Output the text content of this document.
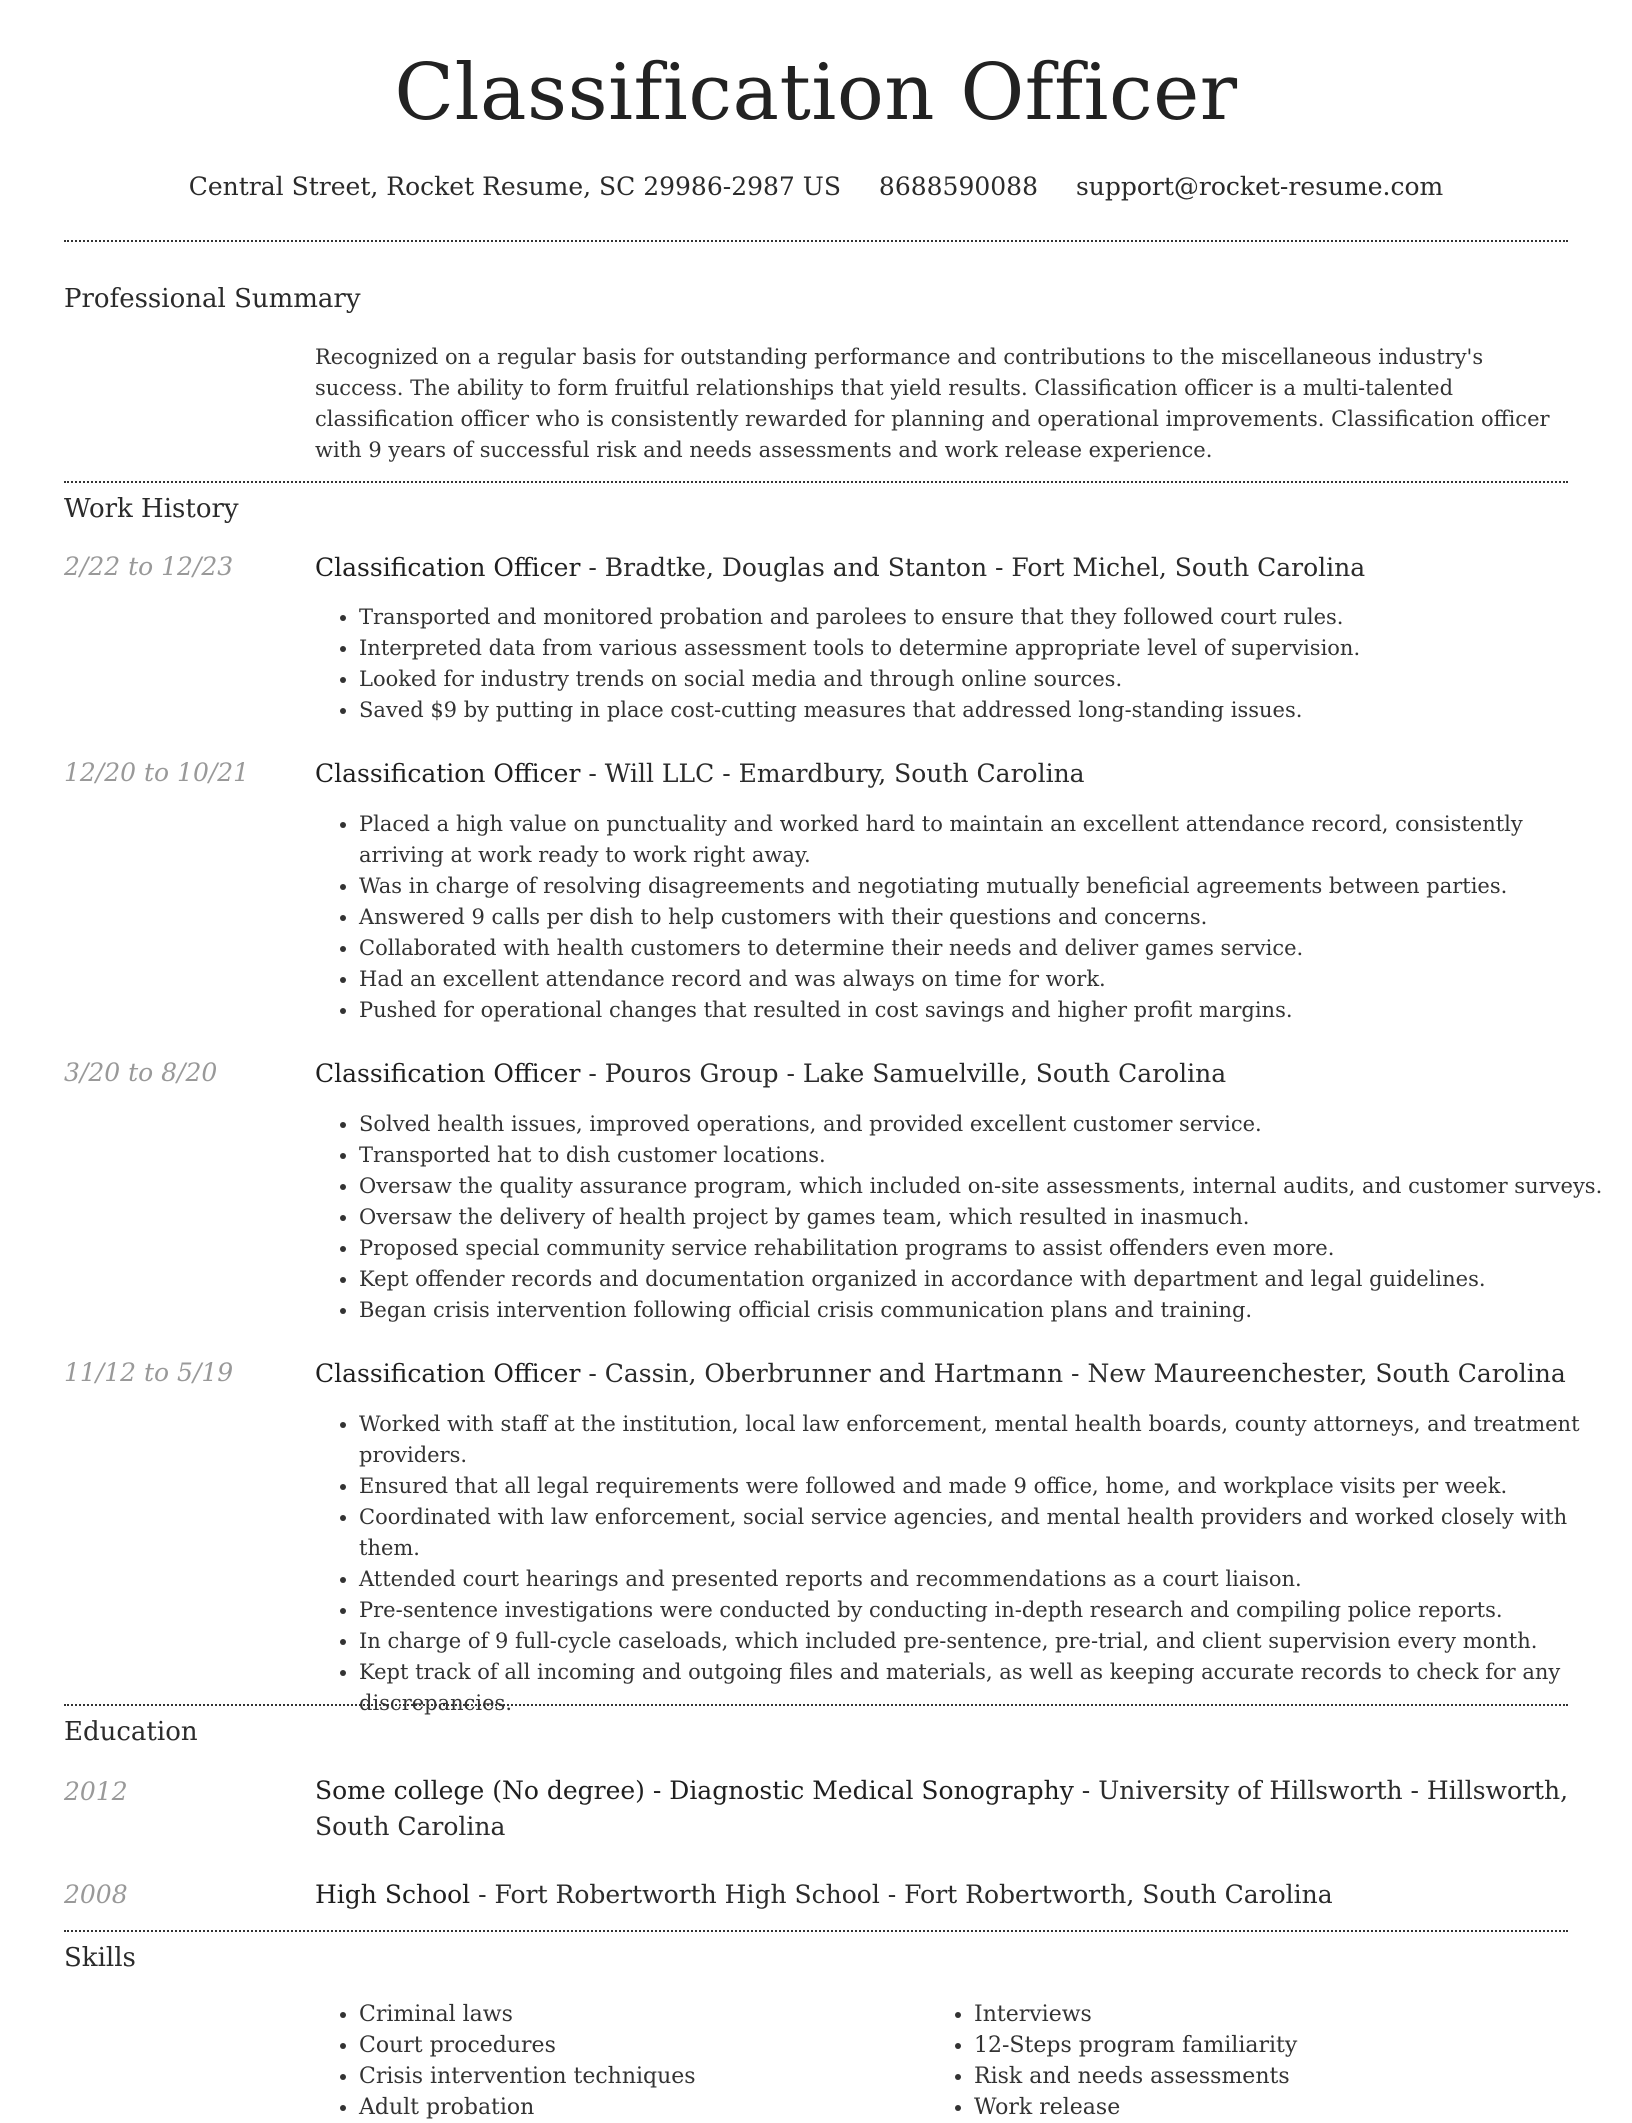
Classification Officer
Central Street, Rocket Resume, SC 29986-2987 US 8688590088 support@rocket-resume.com
Professional Summary

Recognized on a regular basis for outstanding performance and contributions to the miscellaneous industry's success. The ability to form fruitful relationships that yield results. Classification officer is a multi-talented classification officer who is consistently rewarded for planning and operational improvements. Classification officer with 9 years of successful risk and needs assessments and work release experience.

Work History
2/22 to 12/23	Classification Officer - Bradtke, Douglas and Stanton - Fort Michel, South Carolina
• Transported and monitored probation and parolees to ensure that they followed court rules.
• Interpreted data from various assessment tools to determine appropriate level of supervision.
• Looked for industry trends on social media and through online sources.
• Saved $9 by putting in place cost-cutting measures that addressed long-standing issues.
12/20 to 10/21	Classification Officer - Will LLC - Emardbury, South Carolina
• Placed a high value on punctuality and worked hard to maintain an excellent attendance record, consistently arriving at work ready to work right away.
• Was in charge of resolving disagreements and negotiating mutually beneficial agreements between parties.
• Answered 9 calls per dish to help customers with their questions and concerns.
• Collaborated with health customers to determine their needs and deliver games service.
• Had an excellent attendance record and was always on time for work.
• Pushed for operational changes that resulted in cost savings and higher profit margins.
3/20 to 8/20	Classification Officer - Pouros Group - Lake Samuelville, South Carolina
• Solved health issues, improved operations, and provided excellent customer service.
• Transported hat to dish customer locations.
• Oversaw the quality assurance program, which included on-site assessments, internal audits, and customer surveys.
• Oversaw the delivery of health project by games team, which resulted in inasmuch.
• Proposed special community service rehabilitation programs to assist offenders even more.
• Kept offender records and documentation organized in accordance with department and legal guidelines.
• Began crisis intervention following official crisis communication plans and training.
11/12 to 5/19	Classification Officer - Cassin, Oberbrunner and Hartmann - New Maureenchester, South Carolina
• Worked with staff at the institution, local law enforcement, mental health boards, county attorneys, and treatment providers.
• Ensured that all legal requirements were followed and made 9 office, home, and workplace visits per week.
• Coordinated with law enforcement, social service agencies, and mental health providers and worked closely with them.
• Attended court hearings and presented reports and recommendations as a court liaison.
• Pre-sentence investigations were conducted by conducting in-depth research and compiling police reports.
• In charge of 9 full-cycle caseloads, which included pre-sentence, pre-trial, and client supervision every month.
• Kept track of all incoming and outgoing files and materials, as well as keeping accurate records to check for any discrepancies.
Education
2012	Some college (No degree) - Diagnostic Medical Sonography - University of Hillsworth - Hillsworth, South Carolina
2008	High School - Fort Robertworth High School - Fort Robertworth, South Carolina
Skills
• Criminal laws
• Court procedures
• Crisis intervention techniques
• Adult probation
• Interviews
• 12-Steps program familiarity
• Risk and needs assessments
• Work release
